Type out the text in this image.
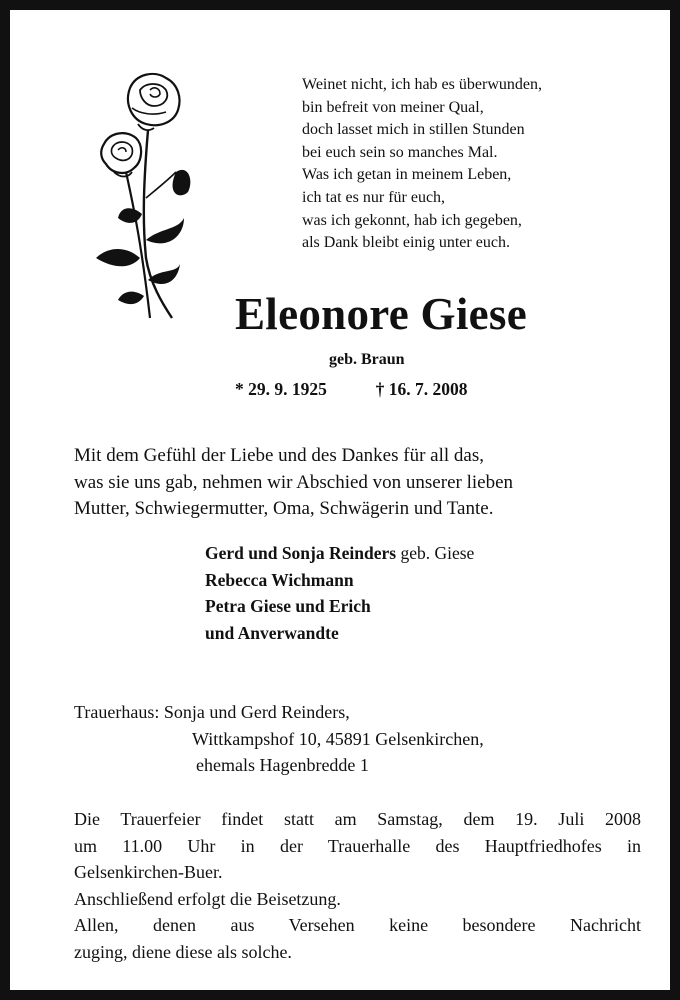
Weinet nicht, ich hab es überwunden,
bin befreit von meiner Qual,
doch lasset mich in stillen Stunden
bei euch sein so manches Mal.
Was ich getan in meinem Leben,
ich tat es nur für euch,
was ich gekonnt, hab ich gegeben,
als Dank bleibt einig unter euch.
Eleonore Giese
geb. Braun
* 29. 9. 1925	† 16. 7. 2008
Mit dem Gefühl der Liebe und des Dankes für all das,
was sie uns gab, nehmen wir Abschied von unserer lieben
Mutter, Schwiegermutter, Oma, Schwägerin und Tante.
Gerd und Sonja Reinders geb. Giese
Rebecca Wichmann
Petra Giese und Erich
und Anverwandte
Trauerhaus: Sonja und Gerd Reinders,
Wittkampshof 10, 45891 Gelsenkirchen,
ehemals Hagenbredde 1
Die Trauerfeier findet statt am Samstag, dem 19. Juli 2008
um 11.00 Uhr in der Trauerhalle des Hauptfriedhofes in
Gelsenkirchen-Buer.
Anschließend erfolgt die Beisetzung.
Allen, denen aus Versehen keine besondere Nachricht
zuging, diene diese als solche.
